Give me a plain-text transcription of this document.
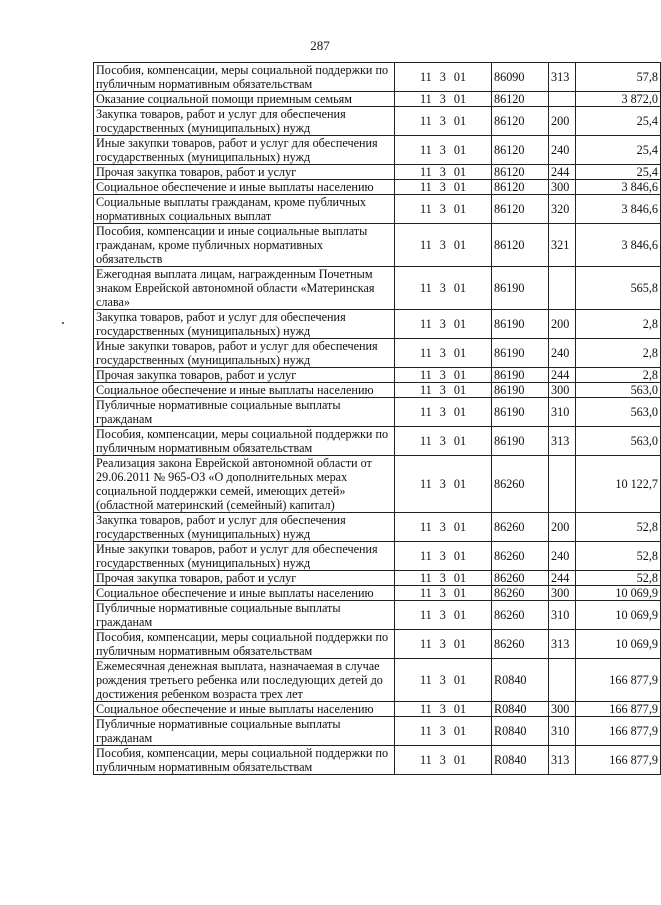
287
Пособия, компенсации, меры социальной поддержки по публичным нормативным обязательствам	11 3 01	86090	313	57,8
Оказание социальной помощи приемным семьям	11 3 01	86120		3 872,0
Закупка товаров, работ и услуг для обеспечения государственных (муниципальных) нужд	11 3 01	86120	200	25,4
Иные закупки товаров, работ и услуг для обеспечения государственных (муниципальных) нужд	11 3 01	86120	240	25,4
Прочая закупка товаров, работ и услуг	11 3 01	86120	244	25,4
Социальное обеспечение и иные выплаты населению	11 3 01	86120	300	3 846,6
Социальные выплаты гражданам, кроме публичных нормативных социальных выплат	11 3 01	86120	320	3 846,6
Пособия, компенсации и иные социальные выплаты гражданам, кроме публичных нормативных обязательств	11 3 01	86120	321	3 846,6
Ежегодная выплата лицам, награжденным Почетным знаком Еврейской автономной области «Материнская слава»	11 3 01	86190		565,8
Закупка товаров, работ и услуг для обеспечения государственных (муниципальных) нужд	11 3 01	86190	200	2,8
Иные закупки товаров, работ и услуг для обеспечения государственных (муниципальных) нужд	11 3 01	86190	240	2,8
Прочая закупка товаров, работ и услуг	11 3 01	86190	244	2,8
Социальное обеспечение и иные выплаты населению	11 3 01	86190	300	563,0
Публичные нормативные социальные выплаты гражданам	11 3 01	86190	310	563,0
Пособия, компенсации, меры социальной поддержки по публичным нормативным обязательствам	11 3 01	86190	313	563,0
Реализация закона Еврейской автономной области от 29.06.2011 № 965-ОЗ «О дополнительных мерах социальной поддержки семей, имеющих детей» (областной материнский (семейный) капитал)	11 3 01	86260		10 122,7
Закупка товаров, работ и услуг для обеспечения государственных (муниципальных) нужд	11 3 01	86260	200	52,8
Иные закупки товаров, работ и услуг для обеспечения государственных (муниципальных) нужд	11 3 01	86260	240	52,8
Прочая закупка товаров, работ и услуг	11 3 01	86260	244	52,8
Социальное обеспечение и иные выплаты населению	11 3 01	86260	300	10 069,9
Публичные нормативные социальные выплаты гражданам	11 3 01	86260	310	10 069,9
Пособия, компенсации, меры социальной поддержки по публичным нормативным обязательствам	11 3 01	86260	313	10 069,9
Ежемесячная денежная выплата, назначаемая в случае рождения третьего ребенка или последующих детей до достижения ребенком возраста трех лет	11 3 01	R0840		166 877,9
Социальное обеспечение и иные выплаты населению	11 3 01	R0840	300	166 877,9
Публичные нормативные социальные выплаты гражданам	11 3 01	R0840	310	166 877,9
Пособия, компенсации, меры социальной поддержки по публичным нормативным обязательствам	11 3 01	R0840	313	166 877,9
